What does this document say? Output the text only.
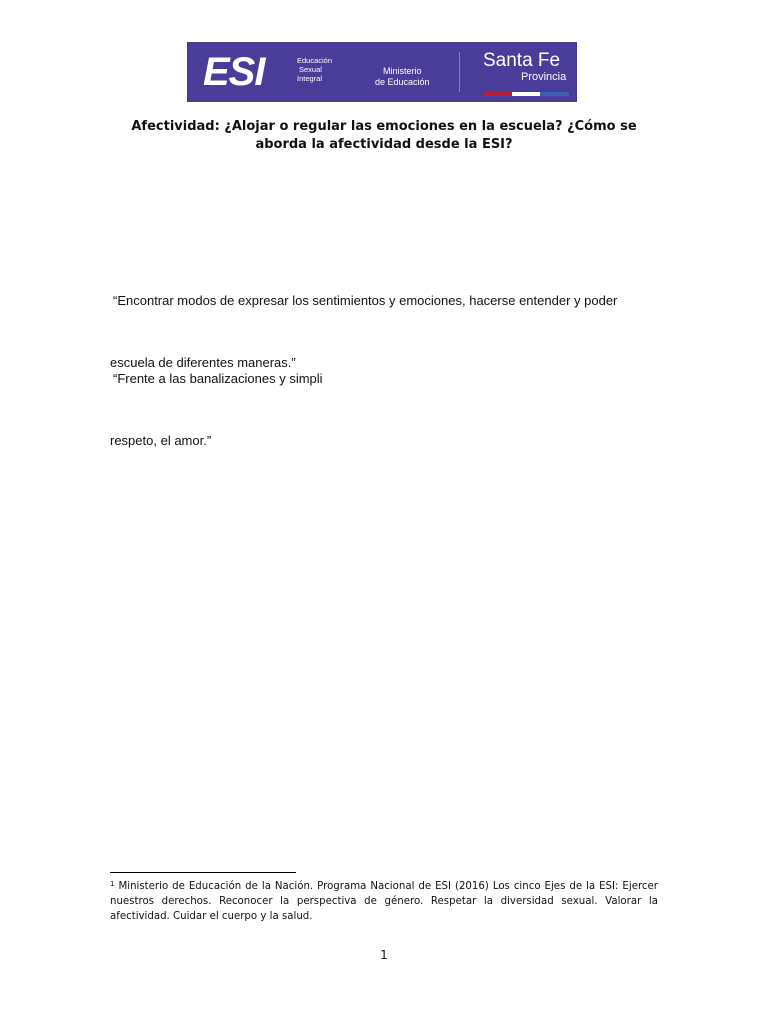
ESI	Educación
Sexual
Integral
Ministerio
de Educación
Santa Fe
Provincia
Afectividad: ¿Alojar o regular las emociones en la escuela? ¿Cómo se
aborda la afectividad desde la ESI?
“Encontrar modos de expresar los sentimientos y emociones, hacerse entender y poder
escuela de diferentes maneras.”
“Frente a las banalizaciones y simpli
respeto, el amor.”
$^1$ Ministerio de Educación de la Nación. Programa Nacional de ESI (2016) Los cinco Ejes de la ESI: Ejercer nuestros derechos. Reconocer la perspectiva de género. Respetar la diversidad sexual. Valorar la afectividad. Cuidar el cuerpo y la salud.
1
